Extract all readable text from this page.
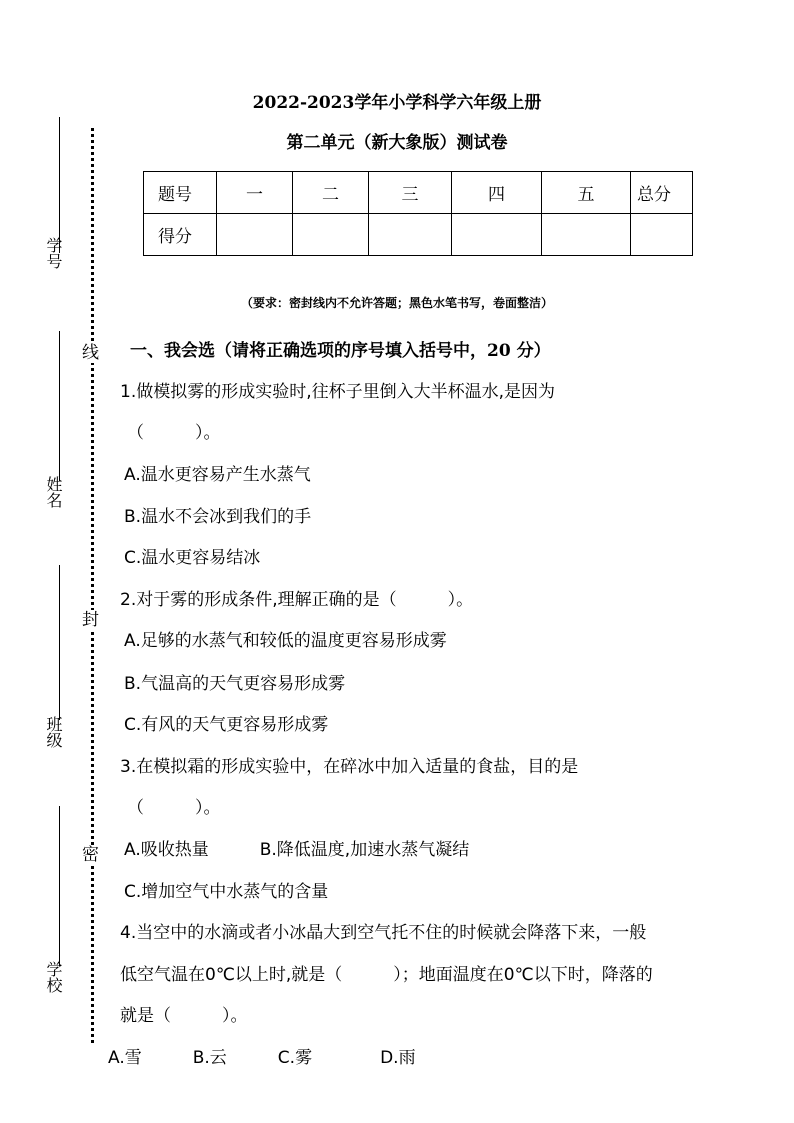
2022-2023学年小学科学六年级上册
第二单元（新大象版）测试卷
题号	一	二	三	四	五	总分
得分						
（要求：密封线内不允许答题；黑色水笔书写，卷面整洁）
学号
姓名
班级
学校
线
封
密
一、我会选（请将正确选项的序号填入括号中，20 分）
1.做模拟雾的形成实验时,往杯子里倒入大半杯温水,是因为
（　　　）。
A.温水更容易产生水蒸气
B.温水不会冰到我们的手
C.温水更容易结冰
2.对于雾的形成条件,理解正确的是（　　　）。
A.足够的水蒸气和较低的温度更容易形成雾
B.气温高的天气更容易形成雾
C.有风的天气更容易形成雾
3.在模拟霜的形成实验中，在碎冰中加入适量的食盐，目的是
（　　　）。
A.吸收热量　　　B.降低温度,加速水蒸气凝结
C.增加空气中水蒸气的含量
4.当空中的水滴或者小冰晶大到空气托不住的时候就会降落下来，一般
低空气温在0℃以上时,就是（　　　）；地面温度在0℃以下时，降落的
就是（　　　）。
A.雪　　　B.云　　　C.雾　　　　D.雨
